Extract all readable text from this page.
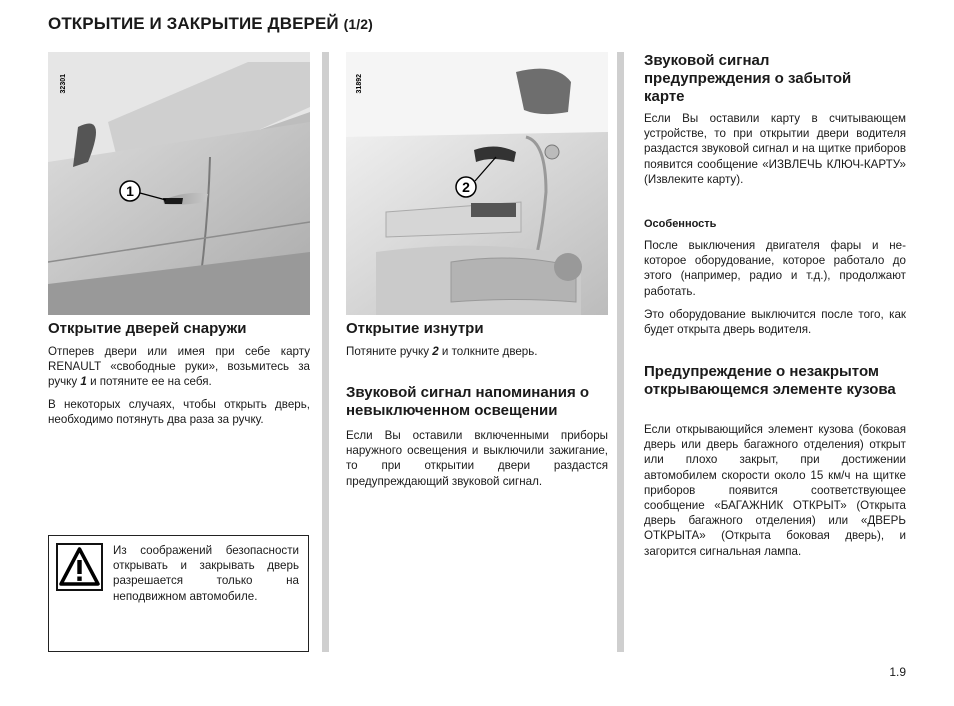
ОТКРЫТИЕ И ЗАКРЫТИЕ ДВЕРЕЙ (1/2)
1
32301
2
31892
Открытие дверей снаружи
Отперев двери или имея при себе карту RENAULT «свободные руки», возьмитесь за ручку 1 и потяните ее на себя.
В некоторых случаях, чтобы открыть дверь, необходимо потянуть два раза за ручку.
Из соображений безопасности открывать и закрывать дверь разрешается только на неподвижном автомобиле.
Открытие изнутри
Потяните ручку 2 и толкните дверь.
Звуковой сигнал напоминания о невыключенном освещении
Если Вы оставили включенными приборы наружного освещения и выключили зажигание, то при открытии двери раздастся предупреждающий звуковой сигнал.
Звуковой сигнал предупреждения о забытой карте
Если Вы оставили карту в считывающем устройстве, то при открытии двери водителя раздастся звуковой сигнал и на щитке приборов появится сообщение «ИЗВЛЕЧЬ КЛЮЧ-КАРТУ» (Извлеките карту).
Особенность
После выключения двигателя фары и некоторое оборудование, которое работало до этого (например, радио и т.д.), продолжают работать.
Это оборудование выключится после того, как будет открыта дверь водителя.
Предупреждение о незакрытом открывающемся элементе кузова
Если открывающийся элемент кузова (боковая дверь или дверь багажного отделения) открыт или плохо закрыт, при достижении автомобилем скорости около 15 км/ч на щитке приборов появится соответствующее сообщение «БАГАЖНИК ОТКРЫТ» (Открыта дверь багажного отделения) или «ДВЕРЬ ОТКРЫТА» (Открыта боковая дверь), и загорится сигнальная лампа.
1.9
